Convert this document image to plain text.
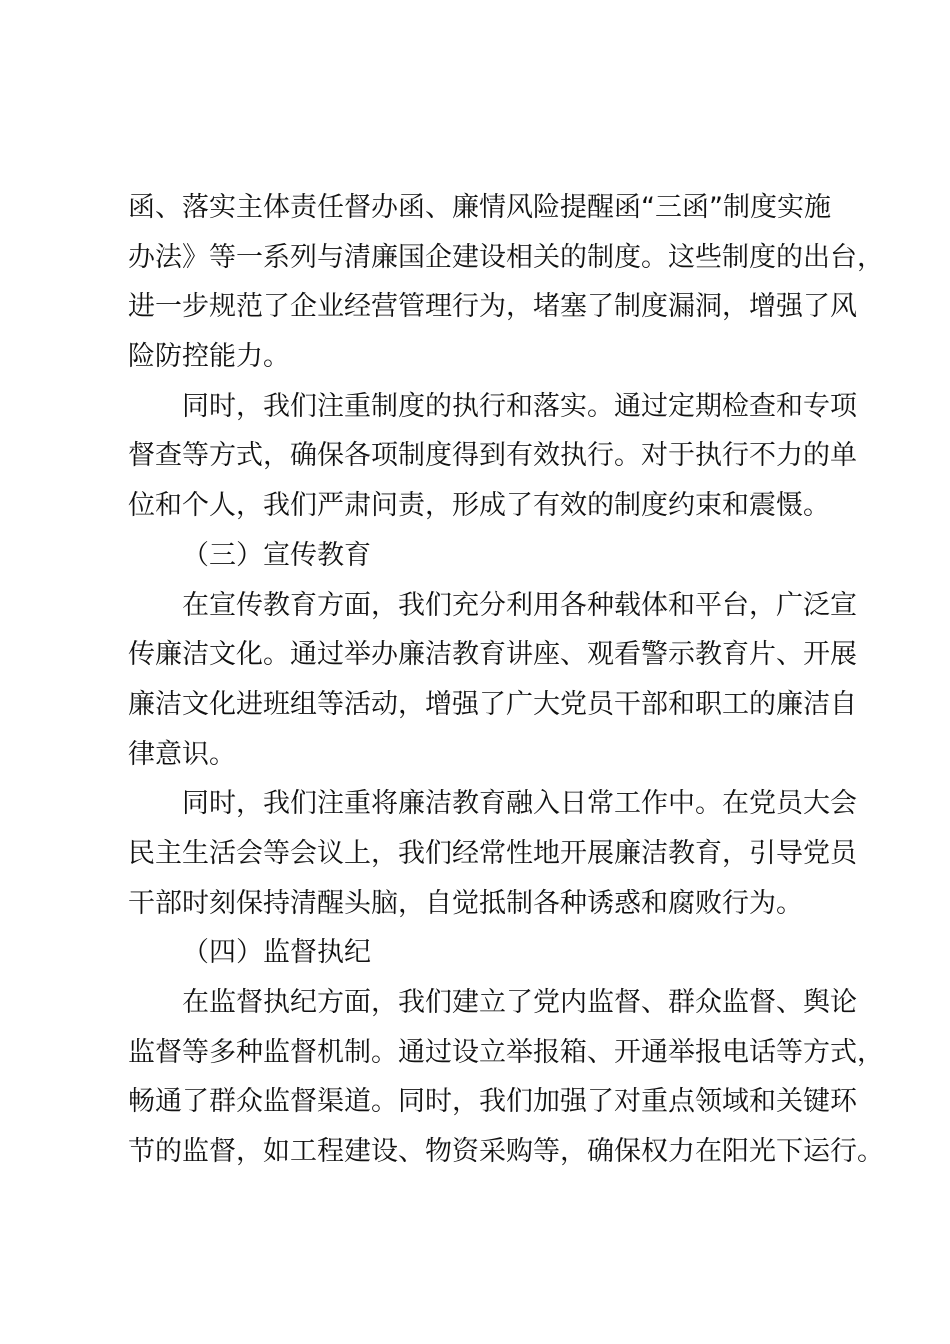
函、落实主体责任督办函、廉情风险提醒函“三函”制度实施
办法》等一系列与清廉国企建设相关的制度。这些制度的出台，
进一步规范了企业经营管理行为，堵塞了制度漏洞，增强了风
险防控能力。
同时，我们注重制度的执行和落实。通过定期检查和专项
督查等方式，确保各项制度得到有效执行。对于执行不力的单
位和个人，我们严肃问责，形成了有效的制度约束和震慑。
（三）宣传教育
在宣传教育方面，我们充分利用各种载体和平台，广泛宣
传廉洁文化。通过举办廉洁教育讲座、观看警示教育片、开展
廉洁文化进班组等活动，增强了广大党员干部和职工的廉洁自
律意识。
同时，我们注重将廉洁教育融入日常工作中。在党员大会
民主生活会等会议上，我们经常性地开展廉洁教育，引导党员
干部时刻保持清醒头脑，自觉抵制各种诱惑和腐败行为。
（四）监督执纪
在监督执纪方面，我们建立了党内监督、群众监督、舆论
监督等多种监督机制。通过设立举报箱、开通举报电话等方式，
畅通了群众监督渠道。同时，我们加强了对重点领域和关键环
节的监督，如工程建设、物资采购等，确保权力在阳光下运行。
